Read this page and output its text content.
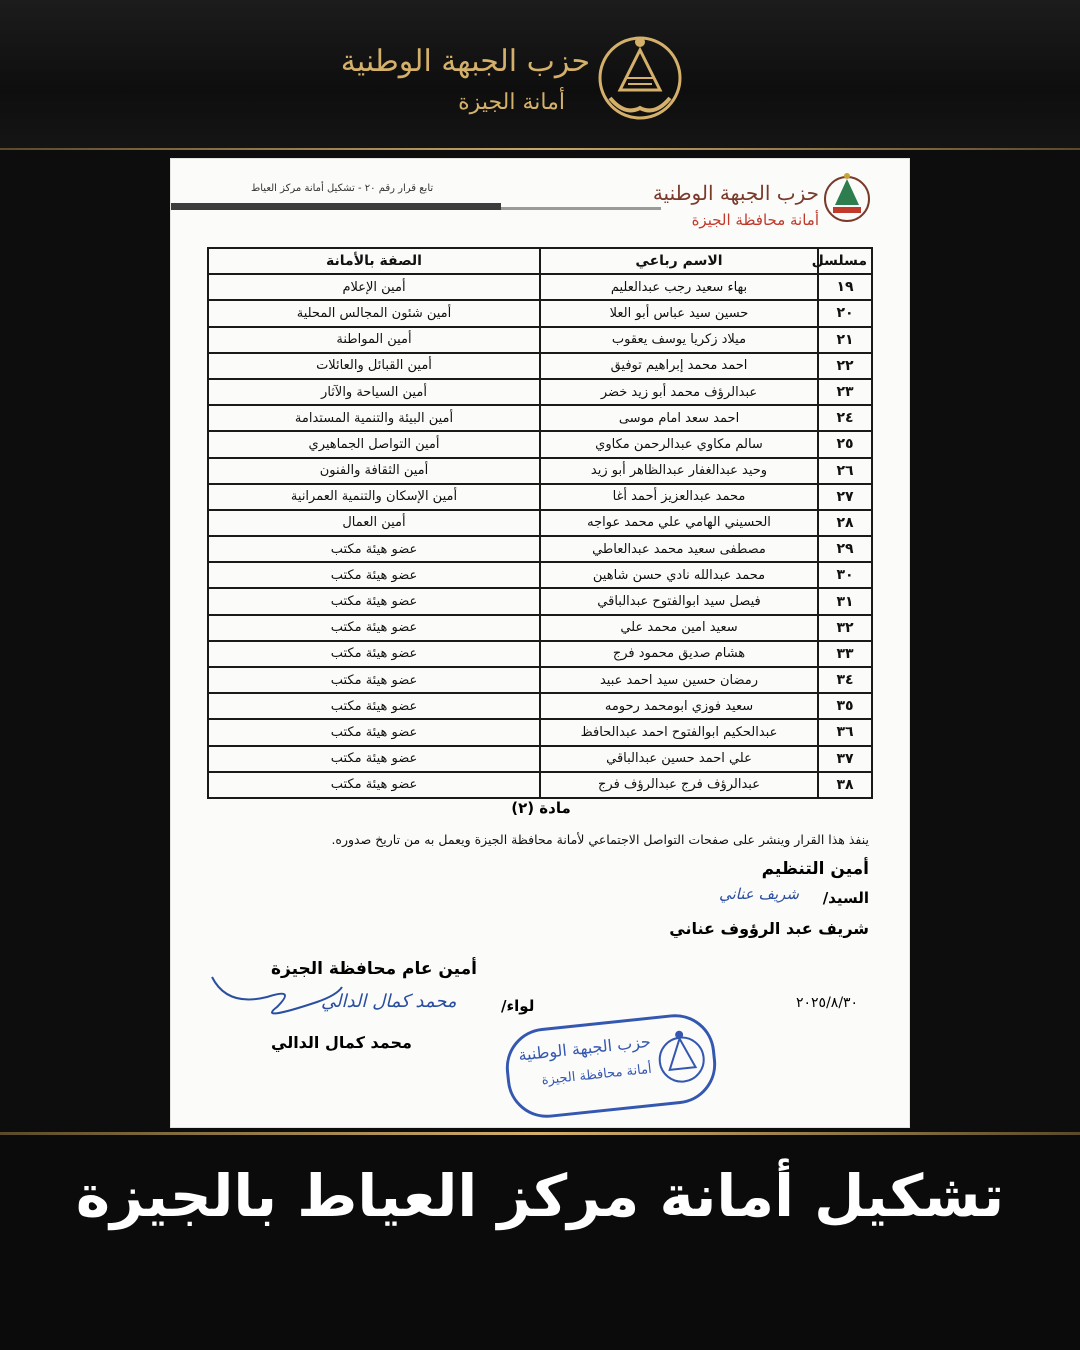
حزب الجبهة الوطنية
أمانة الجيزة
تابع قرار رقم ٢٠ - تشكيل أمانة مركز العياط	حزب الجبهة الوطنية
أمانة محافظة الجيزة
مسلسل	الاسم رباعي	الصفة بالأمانة
١٩	بهاء سعيد رجب عبدالعليم	أمين الإعلام
٢٠	حسين سيد عباس أبو العلا	أمين شئون المجالس المحلية
٢١	ميلاد زكريا يوسف يعقوب	أمين المواطنة
٢٢	احمد محمد إبراهيم توفيق	أمين القبائل والعائلات
٢٣	عبدالرؤف محمد أبو زيد خضر	أمين السياحة والآثار
٢٤	احمد سعد امام موسى	أمين البيئة والتنمية المستدامة
٢٥	سالم مكاوي عبدالرحمن مكاوي	أمين التواصل الجماهيري
٢٦	وحيد عبدالغفار عبدالظاهر أبو زيد	أمين الثقافة والفنون
٢٧	محمد عبدالعزيز أحمد أغا	أمين الإسكان والتنمية العمرانية
٢٨	الحسيني الهامي علي محمد عواجه	أمين العمال
٢٩	مصطفى سعيد محمد عبدالعاطي	عضو هيئة مكتب
٣٠	محمد عبدالله نادي حسن شاهين	عضو هيئة مكتب
٣١	فيصل سيد ابوالفتوح عبدالباقي	عضو هيئة مكتب
٣٢	سعيد امين محمد علي	عضو هيئة مكتب
٣٣	هشام صديق محمود فرج	عضو هيئة مكتب
٣٤	رمضان حسين سيد احمد عبيد	عضو هيئة مكتب
٣٥	سعيد فوزي ابومحمد رحومه	عضو هيئة مكتب
٣٦	عبدالحكيم ابوالفتوح احمد عبدالحافظ	عضو هيئة مكتب
٣٧	علي احمد حسين عبدالباقي	عضو هيئة مكتب
٣٨	عبدالرؤف فرج عبدالرؤف فرج	عضو هيئة مكتب
مادة (٢)
ينفذ هذا القرار وينشر على صفحات التواصل الاجتماعي لأمانة محافظة الجيزة ويعمل به من تاريخ صدوره.
أمين التنظيم
السيد/
شريف عناني
شريف عبد الرؤوف عناني
أمين عام محافظة الجيزة
محمد كمال الدالي
محمد كمال الدالي
لواء/	٢٠٢٥/٨/٣٠
حزب الجبهة الوطنية
أمانة محافظة الجيزة
تشكيل أمانة مركز العياط بالجيزة
